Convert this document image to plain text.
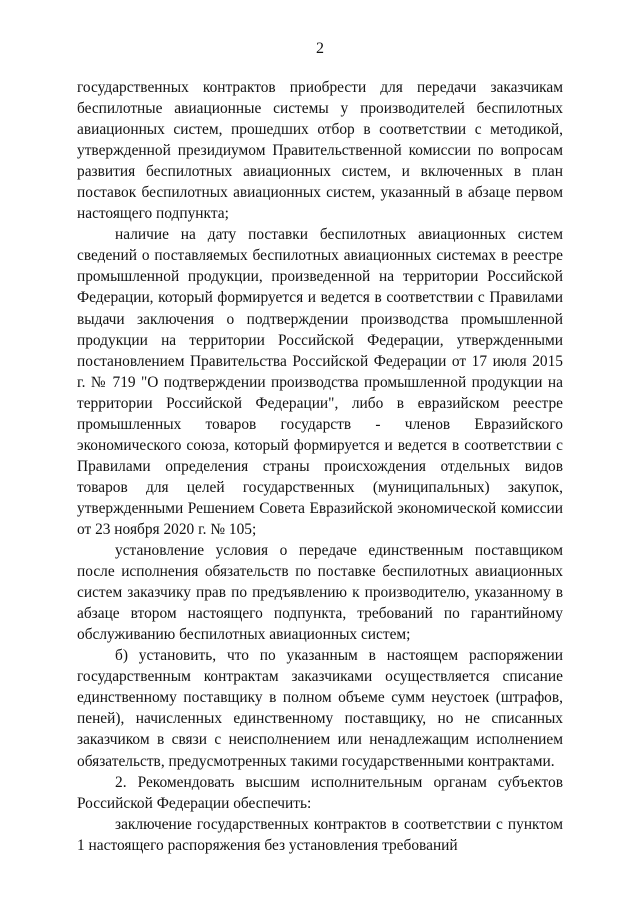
2

государственных контрактов приобрести для передачи заказчикам беспилотные авиационные системы у производителей беспилотных авиационных систем, прошедших отбор в соответствии с методикой, утвержденной президиумом Правительственной комиссии по вопросам развития беспилотных авиационных систем, и включенных в план поставок беспилотных авиационных систем, указанный в абзаце первом настоящего подпункта;

наличие на дату поставки беспилотных авиационных систем сведений о поставляемых беспилотных авиационных системах в реестре промышленной продукции, произведенной на территории Российской Федерации, который формируется и ведется в соответствии с Правилами выдачи заключения о подтверждении производства промышленной продукции на территории Российской Федерации, утвержденными постановлением Правительства Российской Федерации от 17 июля 2015 г. № 719 "О подтверждении производства промышленной продукции на территории Российской Федерации", либо в евразийском реестре промышленных товаров государств - членов Евразийского экономического союза, который формируется и ведется в соответствии с Правилами определения страны происхождения отдельных видов товаров для целей государственных (муниципальных) закупок, утвержденными Решением Совета Евразийской экономической комиссии от 23 ноября 2020 г. № 105;

установление условия о передаче единственным поставщиком после исполнения обязательств по поставке беспилотных авиационных систем заказчику прав по предъявлению к производителю, указанному в абзаце втором настоящего подпункта, требований по гарантийному обслуживанию беспилотных авиационных систем;

б) установить, что по указанным в настоящем распоряжении государственным контрактам заказчиками осуществляется списание единственному поставщику в полном объеме сумм неустоек (штрафов, пеней), начисленных единственному поставщику, но не списанных заказчиком в связи с неисполнением или ненадлежащим исполнением обязательств, предусмотренных такими государственными контрактами.

2. Рекомендовать высшим исполнительным органам субъектов Российской Федерации обеспечить:

заключение государственных контрактов в соответствии с пунктом 1 настоящего распоряжения без установления требований
